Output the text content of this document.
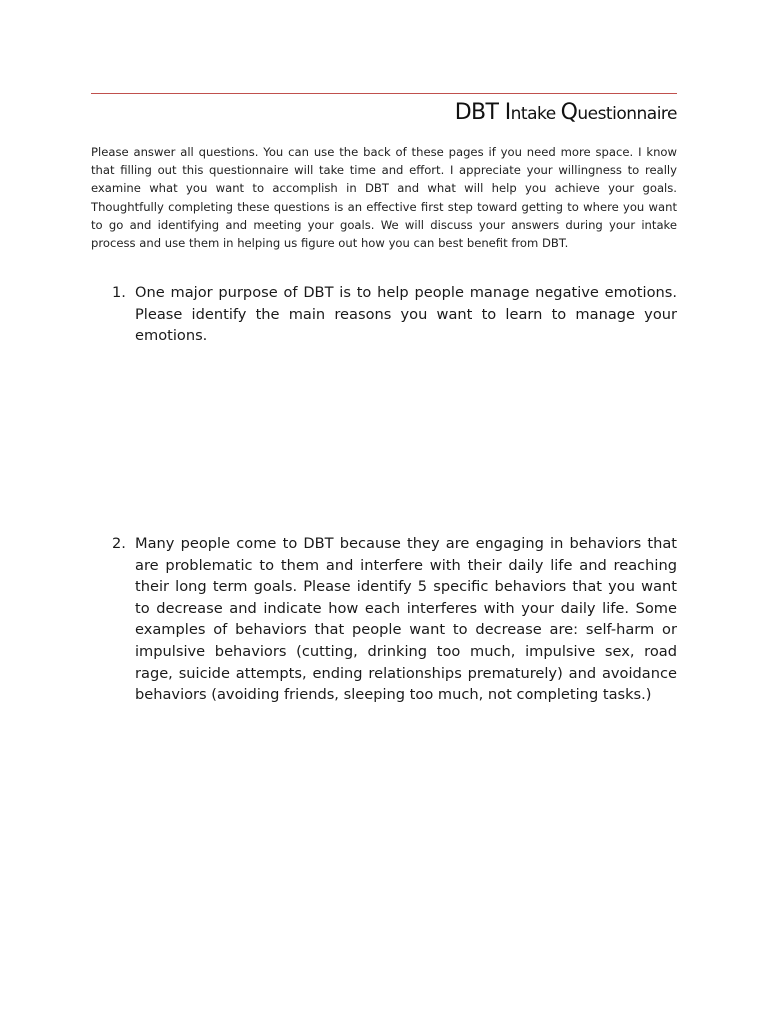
DBT Intake Questionnaire

Please answer all questions. You can use the back of these pages if you need more space. I know that filling out this questionnaire will take time and effort. I appreciate your willingness to really examine what you want to accomplish in DBT and what will help you achieve your goals. Thoughtfully completing these questions is an effective first step toward getting to where you want to go and identifying and meeting your goals. We will discuss your answers during your intake process and use them in helping us figure out how you can best benefit from DBT.

1. One major purpose of DBT is to help people manage negative emotions. Please identify the main reasons you want to learn to manage your emotions.
2. Many people come to DBT because they are engaging in behaviors that are problematic to them and interfere with their daily life and reaching their long term goals. Please identify 5 specific behaviors that you want to decrease and indicate how each interferes with your daily life. Some examples of behaviors that people want to decrease are: self-harm or impulsive behaviors (cutting, drinking too much, impulsive sex, road rage, suicide attempts, ending relationships prematurely) and avoidance behaviors (avoiding friends, sleeping too much, not completing tasks.)
